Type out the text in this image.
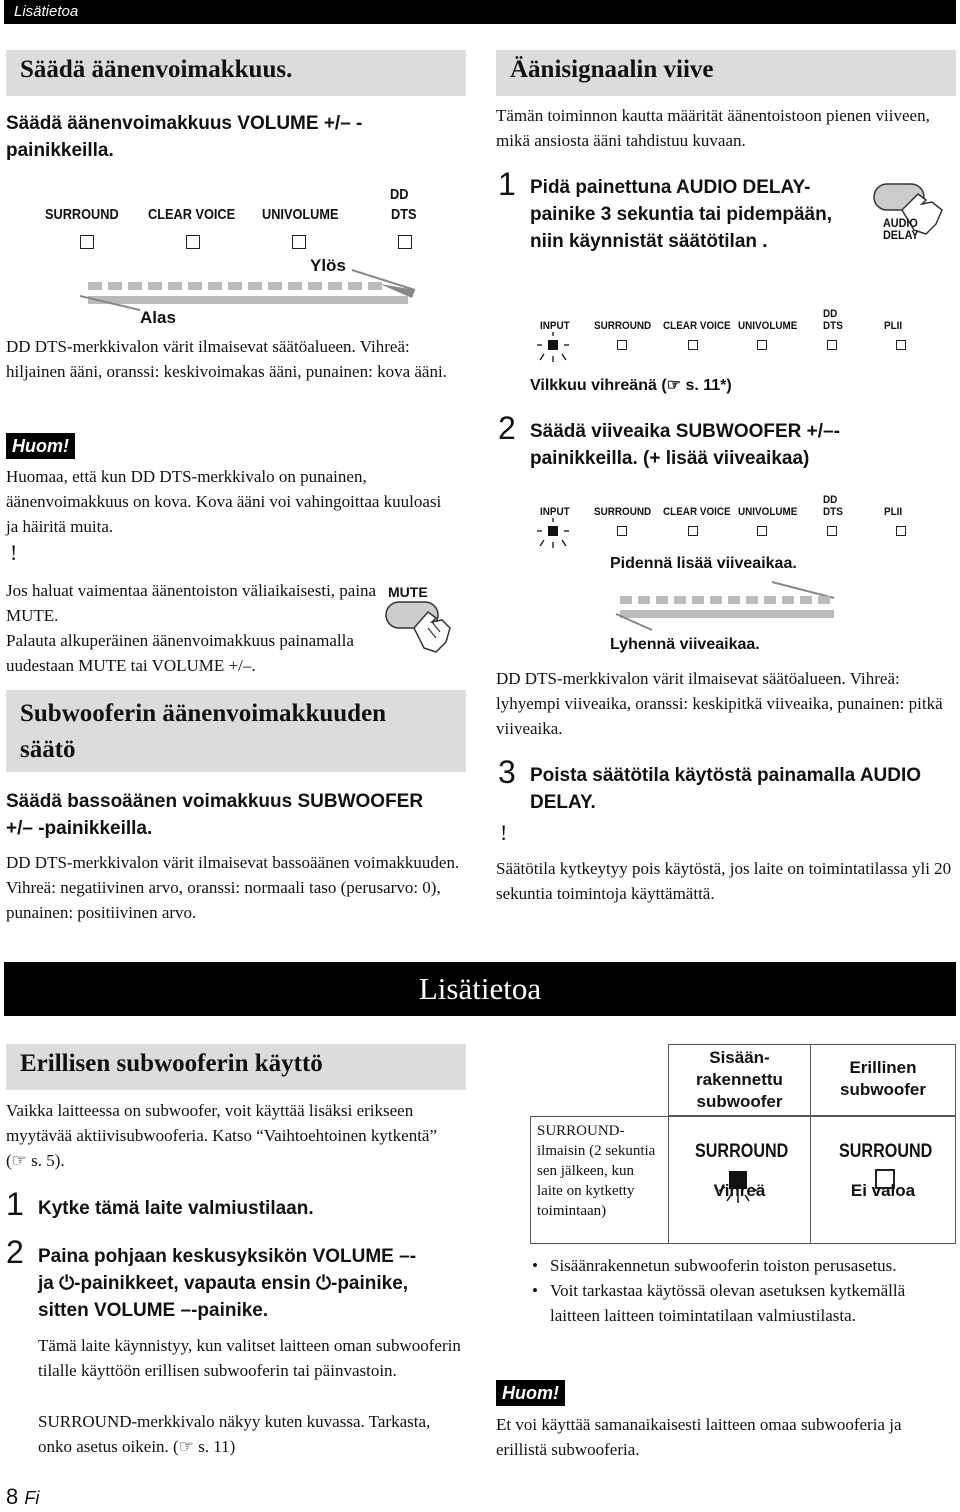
Lisätietoa
Säädä äänenvoimakkuus.
Säädä äänenvoimakkuus VOLUME +/– -painikkeilla.
SURROUND CLEAR VOICE UNIVOLUME
DD
DTS
Ylös
Alas
DD DTS-merkkivalon värit ilmaisevat säätöalueen. Vihreä: hiljainen ääni, oranssi: keskivoimakas ääni, punainen: kova ääni.
Huom!
Huomaa, että kun DD DTS-merkkivalo on punainen, äänenvoimakkuus on kova. Kova ääni voi vahingoittaa kuuloasi ja häiritä muita.
!
Jos haluat vaimentaa äänentoiston väliaikaisesti, paina MUTE.
Palauta alkuperäinen äänenvoimakkuus painamalla uudestaan MUTE tai VOLUME +/–.
MUTE
Subwooferin äänenvoimakkuuden säätö
Säädä bassoäänen voimakkuus SUBWOOFER +/– -painikkeilla.
DD DTS-merkkivalon värit ilmaisevat bassoäänen voimakkuuden. Vihreä: negatiivinen arvo, oranssi: normaali taso (perusarvo: 0), punainen: positiivinen arvo.
Äänisignaalin viive
Tämän toiminnon kautta määrität äänentoistoon pienen viiveen, mikä ansiosta ääni tahdistuu kuvaan.
1 Pidä painettuna AUDIO DELAY-painike 3 sekuntia tai pidempään, niin käynnistät säätötilan .
AUDIO
DELAY
INPUT SURROUND CLEAR VOICE UNIVOLUME
DD
DTS	PLII
Vilkkuu vihreänä (☞ s. 11*)
2 Säädä viiveaika SUBWOOFER +/–-painikkeilla. (+ lisää viiveaikaa)
INPUT SURROUND CLEAR VOICE UNIVOLUME
DD
DTS	PLII
Pidennä lisää viiveaikaa.
Lyhennä viiveaikaa.
DD DTS-merkkivalon värit ilmaisevat säätöalueen. Vihreä: lyhyempi viiveaika, oranssi: keskipitkä viiveaika, punainen: pitkä viiveaika.
3 Poista säätötila käytöstä painamalla AUDIO DELAY.
!
Säätötila kytkeytyy pois käytöstä, jos laite on toimintatilassa yli 20 sekuntia toimintoja käyttämättä.
Lisätietoa
Erillisen subwooferin käyttö
Vaikka laitteessa on subwoofer, voit käyttää lisäksi erikseen myytävää aktiivisubwooferia. Katso “Vaihtoehtoinen kytkentä” (☞ s. 5).
1 Kytke tämä laite valmiustilaan.
2 Paina pohjaan keskusyksikön VOLUME –-
ja ⏻-painikkeet, vapauta ensin ⏻-painike,
sitten VOLUME –-painike.
Tämä laite käynnistyy, kun valitset laitteen oman subwooferin tilalle käyttöön erillisen subwooferin tai päinvastoin.
SURROUND-merkkivalo näkyy kuten kuvassa. Tarkasta, onko asetus oikein. (☞ s. 11)
Sisään-rakennettu subwoofer
Erillinen subwoofer
SURROUND-ilmaisin (2 sekuntia sen jälkeen, kun laite on kytketty toimintaan)
SURROUND
Vihreä
SURROUND
Ei valoa
• Sisäänrakennetun subwooferin toiston perusasetus.
• Voit tarkastaa käytössä olevan asetuksen kytkemällä laitteen laitteen toimintatilaan valmiustilasta.
Huom!
Et voi käyttää samanaikaisesti laitteen omaa subwooferia ja erillistä subwooferia.
8 Fi
